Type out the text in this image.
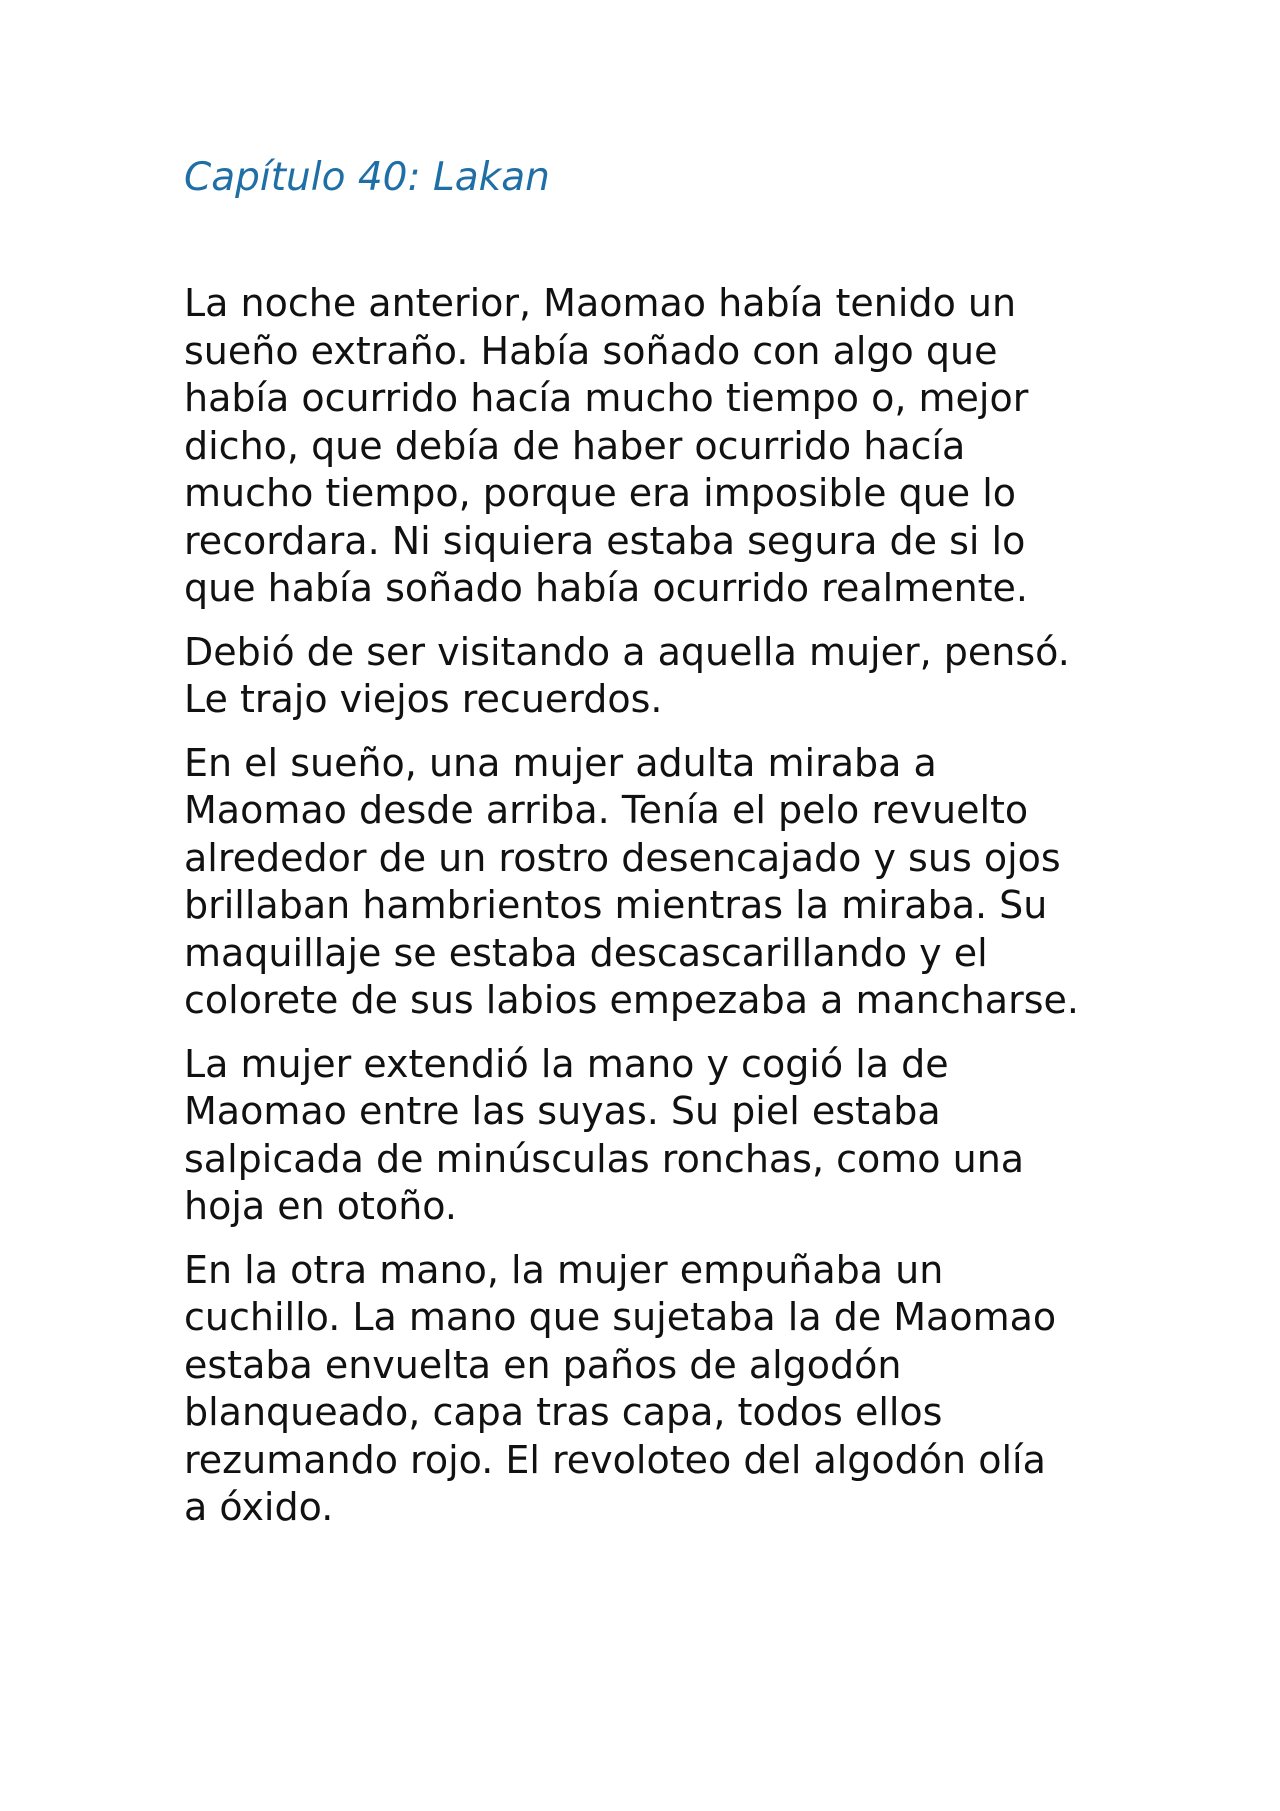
Capítulo 40: Lakan

La noche anterior, Maomao había tenido un
sueño extraño. Había soñado con algo que
había ocurrido hacía mucho tiempo o, mejor
dicho, que debía de haber ocurrido hacía
mucho tiempo, porque era imposible que lo
recordara. Ni siquiera estaba segura de si lo
que había soñado había ocurrido realmente.

Debió de ser visitando a aquella mujer, pensó.
Le trajo viejos recuerdos.

En el sueño, una mujer adulta miraba a
Maomao desde arriba. Tenía el pelo revuelto
alrededor de un rostro desencajado y sus ojos
brillaban hambrientos mientras la miraba. Su
maquillaje se estaba descascarillando y el
colorete de sus labios empezaba a mancharse.

La mujer extendió la mano y cogió la de
Maomao entre las suyas. Su piel estaba
salpicada de minúsculas ronchas, como una
hoja en otoño.

En la otra mano, la mujer empuñaba un
cuchillo. La mano que sujetaba la de Maomao
estaba envuelta en paños de algodón
blanqueado, capa tras capa, todos ellos
rezumando rojo. El revoloteo del algodón olía
a óxido.
